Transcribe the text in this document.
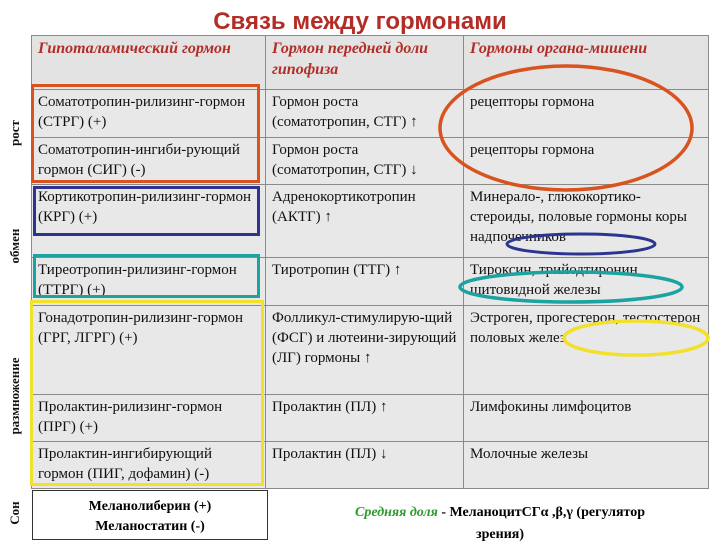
Связь между гормонами
Гипоталамический гормон	Гормон передней доли гипофиза	Гормоны органа-мишени
Соматотропин-рилизинг-гормон (СТРГ) (+)	Гормон роста (соматотропин, СТГ) ↑	рецепторы гормона
Соматотропин-ингиби-рующий гормон (СИГ) (-)	Гормон роста (соматотропин, СТГ) ↓	рецепторы гормона
Кортикотропин-рилизинг-гормон (КРГ) (+)	Адренокортикотропин (АКТГ) ↑	Минерало-, глюкокортико-стероиды, половые гормоны коры надпочечников
Тиреотропин-рилизинг-гормон (ТТРГ) (+)	Тиротропин (ТТГ) ↑	Тироксин, трийодтиронин щитовидной железы
Гонадотропин-рилизинг-гормон (ГРГ, ЛГРГ) (+)	Фолликул-стимулирую-щий (ФСГ) и лютеини-зирующий (ЛГ) гормоны ↑	Эстроген, прогестерон, тестостерон половых желез
Пролактин-рилизинг-гормон (ПРГ) (+)	Пролактин (ПЛ) ↑	Лимфокины лимфоцитов
Пролактин-ингибирующий гормон (ПИГ, дофамин) (-)	Пролактин (ПЛ) ↓	Молочные железы
рост
обмен
размножение
Сон	Меланолиберин (+)
Меланостатин (-)
Средняя доля - МеланоцитСГα ,β,γ (регулятор
зрения)
